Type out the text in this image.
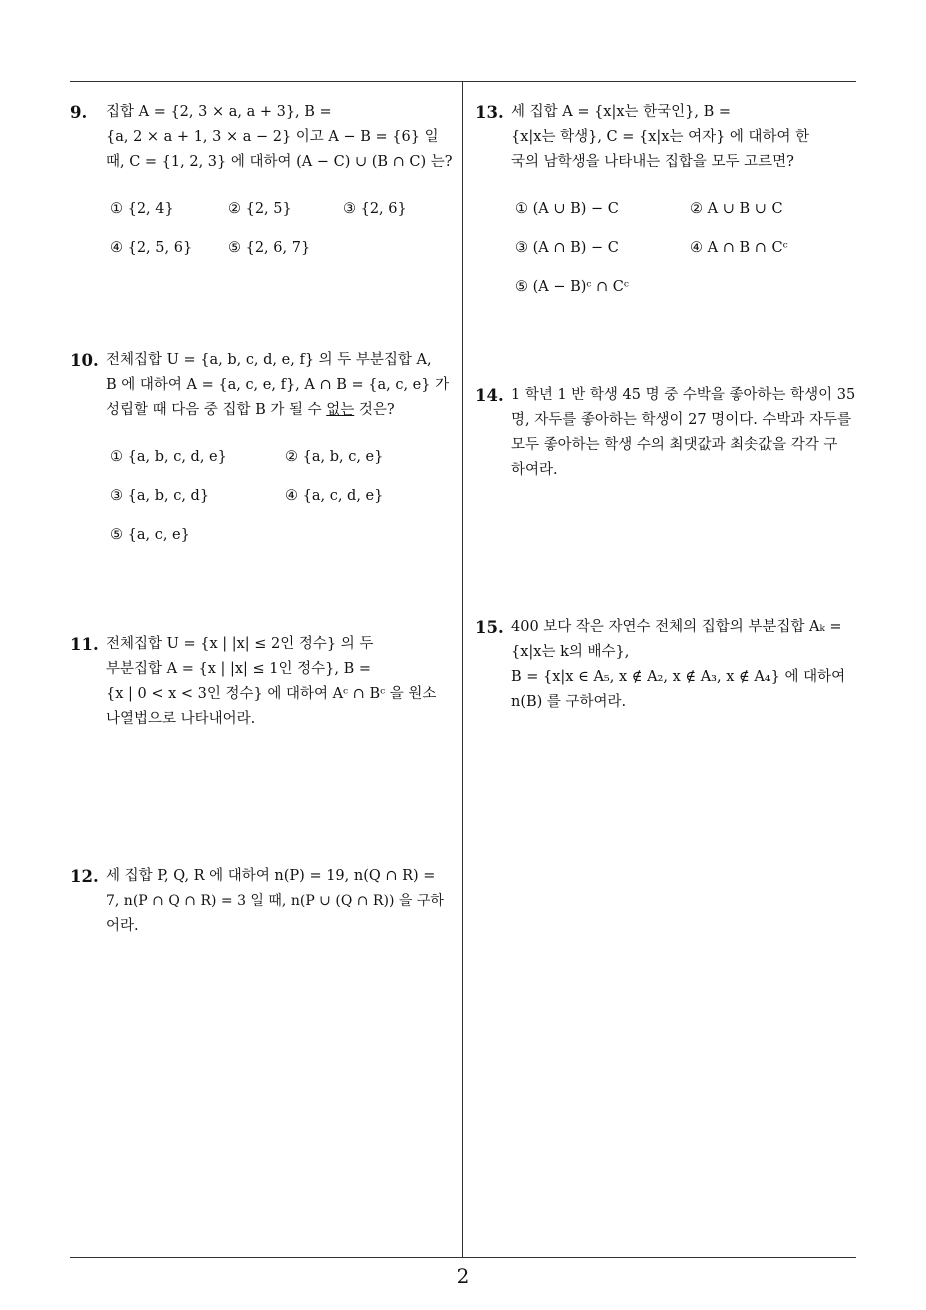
9. 집합 A = {2, 3 × a, a + 3}, B =
{a, 2 × a + 1, 3 × a − 2} 이고 A − B = {6} 일
때, C = {1, 2, 3} 에 대하여 (A − C) ∪ (B ∩ C) 는?
① {2, 4}	② {2, 5}	③ {2, 6}
④ {2, 5, 6} ⑤ {2, 6, 7}
10. 전체집합 U = {a, b, c, d, e, f} 의 두 부분집합 A,
B 에 대하여 A = {a, c, e, f}, A ∩ B = {a, c, e} 가
성립할 때 다음 중 집합 B 가 될 수 없는 것은?
① {a, b, c, d, e}	② {a, b, c, e}
③ {a, b, c, d}	④ {a, c, d, e}
⑤ {a, c, e}
11. 전체집합 U = {x | |x| ≤ 2인 정수} 의 두
부분집합 A = {x | |x| ≤ 1인 정수}, B =
{x | 0 < x < 3인 정수} 에 대하여 Aᶜ ∩ Bᶜ 을 원소
나열법으로 나타내어라.
12. 세 집합 P, Q, R 에 대하여 n(P) = 19, n(Q ∩ R) =
7, n(P ∩ Q ∩ R) = 3 일 때, n(P ∪ (Q ∩ R)) 을 구하
어라.
13. 세 집합 A = {x|x는 한국인}, B =
{x|x는 학생}, C = {x|x는 여자} 에 대하여 한
국의 남학생을 나타내는 집합을 모두 고르면?
① (A ∪ B) − C	② A ∪ B ∪ C
③ (A ∩ B) − C	④ A ∩ B ∩ Cᶜ
⑤ (A − B)ᶜ ∩ Cᶜ
14. 1 학년 1 반 학생 45 명 중 수박을 좋아하는 학생이 35
명, 자두를 좋아하는 학생이 27 명이다. 수박과 자두를
모두 좋아하는 학생 수의 최댓값과 최솟값을 각각 구
하여라.
15. 400 보다 작은 자연수 전체의 집합의 부분집합 Aₖ =
{x|x는 k의 배수},
B = {x|x ∈ A₅, x ∉ A₂, x ∉ A₃, x ∉ A₄} 에 대하여
n(B) 를 구하여라.
2
